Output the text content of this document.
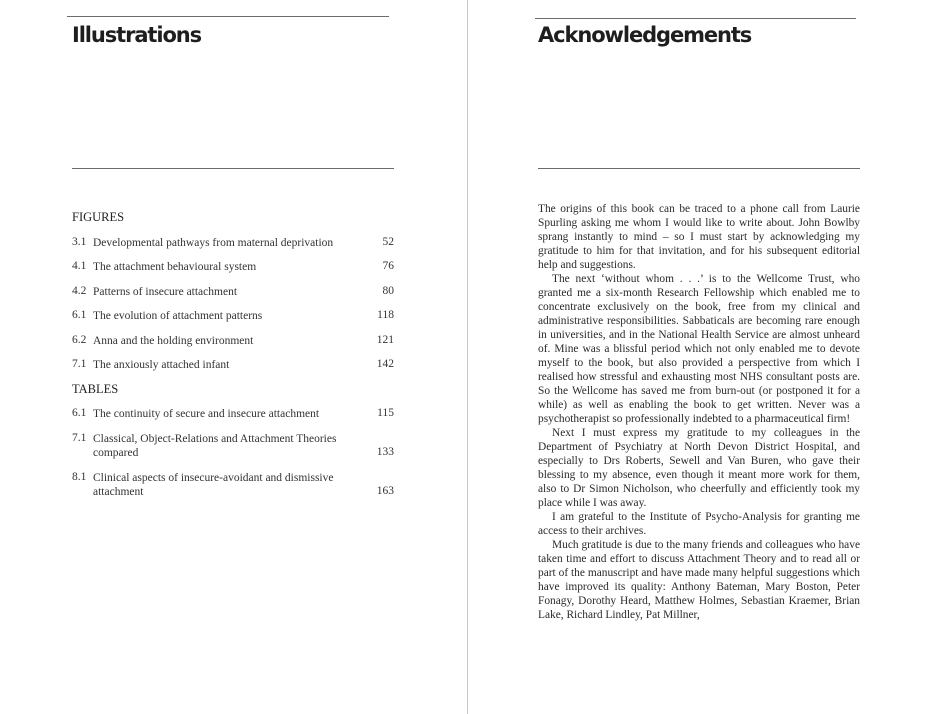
Illustrations
FIGURES
TABLES
Acknowledgements

The origins of this book can be traced to a phone call from Laurie Spurling asking me whom I would like to write about. John Bowlby sprang instantly to mind – so I must start by acknowledging my gratitude to him for that invitation, and for his subsequent editorial help and suggestions.

The next ‘without whom . . .’ is to the Wellcome Trust, who granted me a six-month Research Fellowship which enabled me to concentrate exclusively on the book, free from my clinical and administrative responsibilities. Sabbaticals are becoming rare enough in universities, and in the National Health Service are almost unheard of. Mine was a blissful period which not only enabled me to devote myself to the book, but also provided a perspective from which I realised how stressful and exhausting most NHS consultant posts are. So the Wellcome has saved me from burn-out (or postponed it for a while) as well as enabling the book to get written. Never was a psychotherapist so professionally indebted to a pharmaceutical firm!

Next I must express my gratitude to my colleagues in the Department of Psychiatry at North Devon District Hospital, and especially to Drs Roberts, Sewell and Van Buren, who gave their blessing to my absence, even though it meant more work for them, also to Dr Simon Nicholson, who cheerfully and efficiently took my place while I was away.

I am grateful to the Institute of Psycho-Analysis for granting me access to their archives.

Much gratitude is due to the many friends and colleagues who have taken time and effort to discuss Attachment Theory and to read all or part of the manuscript and have made many helpful suggestions which have improved its quality: Anthony Bateman, Mary Boston, Peter Fonagy, Dorothy Heard, Matthew Holmes, Sebastian Kraemer, Brian Lake, Richard Lindley, Pat Millner,

3.1 Developmental pathways from maternal deprivation	52
4.1 The attachment behavioural system	76
4.2 Patterns of insecure attachment	80
6.1 The evolution of attachment patterns	118
6.2 Anna and the holding environment	121
7.1 The anxiously attached infant	142
6.1 The continuity of secure and insecure attachment	115
7.1 Classical, Object-Relations and Attachment Theories compared	133
8.1 Clinical aspects of insecure-avoidant and dismissive attachment	163
